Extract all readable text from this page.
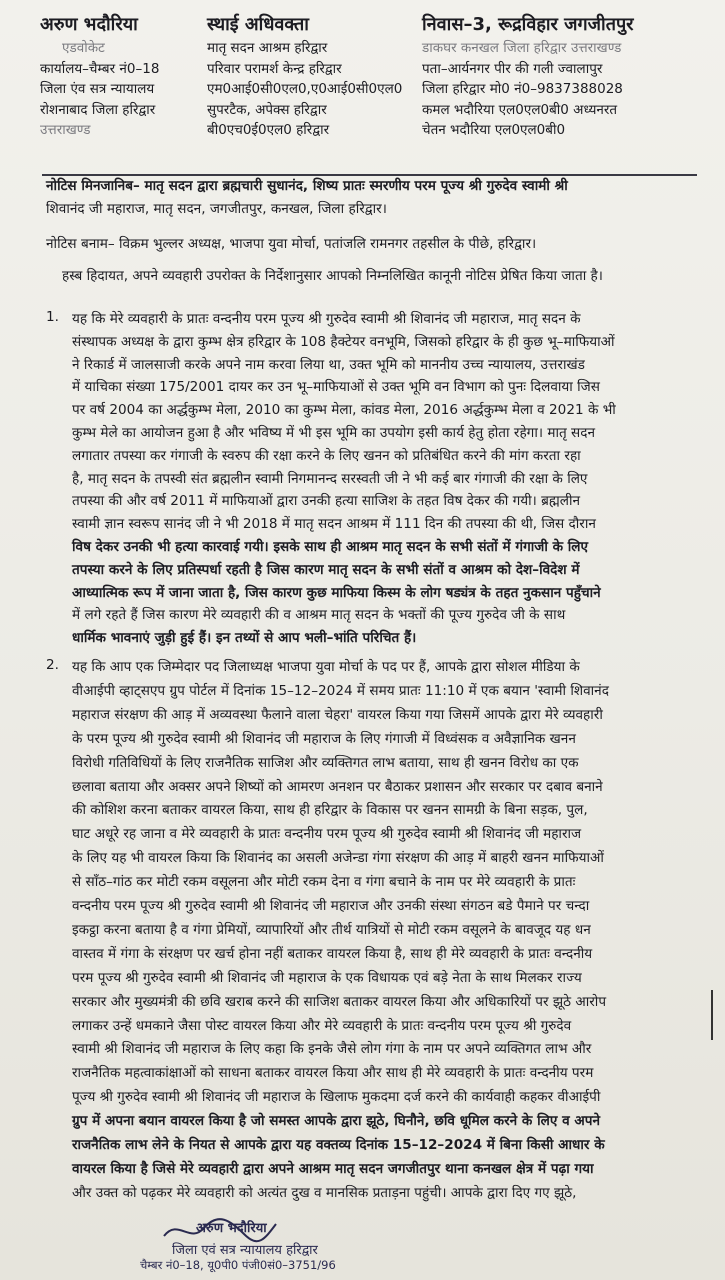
अरुण भदौरिया
एडवोकेट
कार्यालय–चैम्बर नं0–18
जिला एंव सत्र न्यायालय
रोशनाबाद जिला हरिद्वार
उत्तराखण्ड
स्थाई अधिवक्ता
मातृ सदन आश्रम हरिद्वार
परिवार परामर्श केन्द्र हरिद्वार
एम0आई0सी0एल0,ए0आई0सी0एल0
सुपरटैक, अपेक्स हरिद्वार
बी0एच0ई0एल0 हरिद्वार
निवास–3, रूद्रविहार जगजीतपुर
डाकघर कनखल जिला हरिद्वार उत्तराखण्ड
पता–आर्यनगर पीर की गली ज्वालापुर
जिला हरिद्वार मो0 नं0–9837388028
कमल भदौरिया एल0एल0बी0 अध्यनरत
चेतन भदौरिया एल0एल0बी0
नोटिस मिनजानिब– मातृ सदन द्वारा ब्रह्मचारी सुधानंद, शिष्य प्रातः स्मरणीय परम पूज्य श्री गुरुदेव स्वामी श्री
शिवानंद जी महाराज, मातृ सदन, जगजीतपुर, कनखल, जिला हरिद्वार।
नोटिस बनाम– विक्रम भुल्लर अध्यक्ष, भाजपा युवा मोर्चा, पतांजलि रामनगर तहसील के पीछे, हरिद्वार।
हस्ब हिदायत, अपने व्यवहारी उपरोक्त के निर्देशानुसार आपको निम्नलिखित कानूनी नोटिस प्रेषित किया जाता है।
1. यह कि मेरे व्यवहारी के प्रातः वन्दनीय परम पूज्य श्री गुरुदेव स्वामी श्री शिवानंद जी महाराज, मातृ सदन के
संस्थापक अध्यक्ष के द्वारा कुम्भ क्षेत्र हरिद्वार के 108 हैक्टेयर वनभूमि, जिसको हरिद्वार के ही कुछ भू–माफियाओं
ने रिकार्ड में जालसाजी करके अपने नाम करवा लिया था, उक्त भूमि को माननीय उच्च न्यायालय, उत्तराखंड
में याचिका संख्या 175/2001 दायर कर उन भू–माफियाओं से उक्त भूमि वन विभाग को पुनः दिलवाया जिस
पर वर्ष 2004 का अर्द्धकुम्भ मेला, 2010 का कुम्भ मेला, कांवड मेला, 2016 अर्द्धकुम्भ मेला व 2021 के भी
कुम्भ मेले का आयोजन हुआ है और भविष्य में भी इस भूमि का उपयोग इसी कार्य हेतु होता रहेगा। मातृ सदन
लगातार तपस्या कर गंगाजी के स्वरुप की रक्षा करने के लिए खनन को प्रतिबंधित करने की मांग करता रहा
है, मातृ सदन के तपस्वी संत ब्रह्मलीन स्वामी निगमानन्द सरस्वती जी ने भी कई बार गंगाजी की रक्षा के लिए
तपस्या की और वर्ष 2011 में माफियाओं द्वारा उनकी हत्या साजिश के तहत विष देकर की गयी। ब्रह्मलीन
स्वामी ज्ञान स्वरूप सानंद जी ने भी 2018 में मातृ सदन आश्रम में 111 दिन की तपस्या की थी, जिस दौरान
विष देकर उनकी भी हत्या कारवाई गयी। इसके साथ ही आश्रम मातृ सदन के सभी संतों में गंगाजी के लिए
तपस्या करने के लिए प्रतिस्पर्धा रहती है जिस कारण मातृ सदन के सभी संतों व आश्रम को देश–विदेश में
आध्यात्मिक रूप में जाना जाता है, जिस कारण कुछ माफिया किस्म के लोग षड्यंत्र के तहत नुकसान पहुँचाने
में लगे रहते हैं जिस कारण मेरे व्यवहारी की व आश्रम मातृ सदन के भक्तों की पूज्य गुरुदेव जी के साथ
धार्मिक भावनाएं जुड़ी हुई हैं। इन तथ्यों से आप भली–भांति परिचित हैं।
2. यह कि आप एक जिम्मेदार पद जिलाध्यक्ष भाजपा युवा मोर्चा के पद पर हैं, आपके द्वारा सोशल मीडिया के
वीआईपी व्हाट्सएप ग्रुप पोर्टल में दिनांक 15–12–2024 में समय प्रातः 11:10 में एक बयान 'स्वामी शिवानंद
महाराज संरक्षण की आड़ में अव्यवस्था फैलाने वाला चेहरा' वायरल किया गया जिसमें आपके द्वारा मेरे व्यवहारी
के परम पूज्य श्री गुरुदेव स्वामी श्री शिवानंद जी महाराज के लिए गंगाजी में विध्वंसक व अवैज्ञानिक खनन
विरोधी गतिविधियों के लिए राजनैतिक साजिश और व्यक्तिगत लाभ बताया, साथ ही खनन विरोध का एक
छलावा बताया और अक्सर अपने शिष्यों को आमरण अनशन पर बैठाकर प्रशासन और सरकार पर दबाव बनाने
की कोशिश करना बताकर वायरल किया, साथ ही हरिद्वार के विकास पर खनन सामग्री के बिना सड़क, पुल,
घाट अधूरे रह जाना व मेरे व्यवहारी के प्रातः वन्दनीय परम पूज्य श्री गुरुदेव स्वामी श्री शिवानंद जी महाराज
के लिए यह भी वायरल किया कि शिवानंद का असली अजेन्डा गंगा संरक्षण की आड़ में बाहरी खनन माफियाओं
से साँठ–गांठ कर मोटी रकम वसूलना और मोटी रकम देना व गंगा बचाने के नाम पर मेरे व्यवहारी के प्रातः
वन्दनीय परम पूज्य श्री गुरुदेव स्वामी श्री शिवानंद जी महाराज और उनकी संस्था संगठन बडे पैमाने पर चन्दा
इकट्ठा करना बताया है व गंगा प्रेमियों, व्यापारियों और तीर्थ यात्रियों से मोटी रकम वसूलने के बावजूद यह धन
वास्तव में गंगा के संरक्षण पर खर्च होना नहीं बताकर वायरल किया है, साथ ही मेरे व्यवहारी के प्रातः वन्दनीय
परम पूज्य श्री गुरुदेव स्वामी श्री शिवानंद जी महाराज के एक विधायक एवं बड़े नेता के साथ मिलकर राज्य
सरकार और मुख्यमंत्री की छवि खराब करने की साजिश बताकर वायरल किया और अधिकारियों पर झूठे आरोप
लगाकर उन्हें धमकाने जैसा पोस्ट वायरल किया और मेरे व्यवहारी के प्रातः वन्दनीय परम पूज्य श्री गुरुदेव
स्वामी श्री शिवानंद जी महाराज के लिए कहा कि इनके जैसे लोग गंगा के नाम पर अपने व्यक्तिगत लाभ और
राजनैतिक महत्वाकांक्षाओं को साधना बताकर वायरल किया और साथ ही मेरे व्यवहारी के प्रातः वन्दनीय परम
पूज्य श्री गुरुदेव स्वामी श्री शिवानंद जी महाराज के खिलाफ मुकदमा दर्ज करने की कार्यवाही कहकर वीआईपी
ग्रुप में अपना बयान वायरल किया है जो समस्त आपके द्वारा झूठे, घिनौने, छवि धूमिल करने के लिए व अपने
राजनैतिक लाभ लेने के नियत से आपके द्वारा यह वक्तव्य दिनांक 15–12–2024 में बिना किसी आधार के
वायरल किया है जिसे मेरे व्यवहारी द्वारा अपने आश्रम मातृ सदन जगजीतपुर थाना कनखल क्षेत्र में पढ़ा गया
और उक्त को पढ़कर मेरे व्यवहारी को अत्यंत दुख व मानसिक प्रताड़ना पहुंची। आपके द्वारा दिए गए झूठे,
अरुण भदौरिया
जिला एवं सत्र न्यायालय हरिद्वार
चैम्बर नं0–18, यू0पी0 पंजी0सं0–3751/96
